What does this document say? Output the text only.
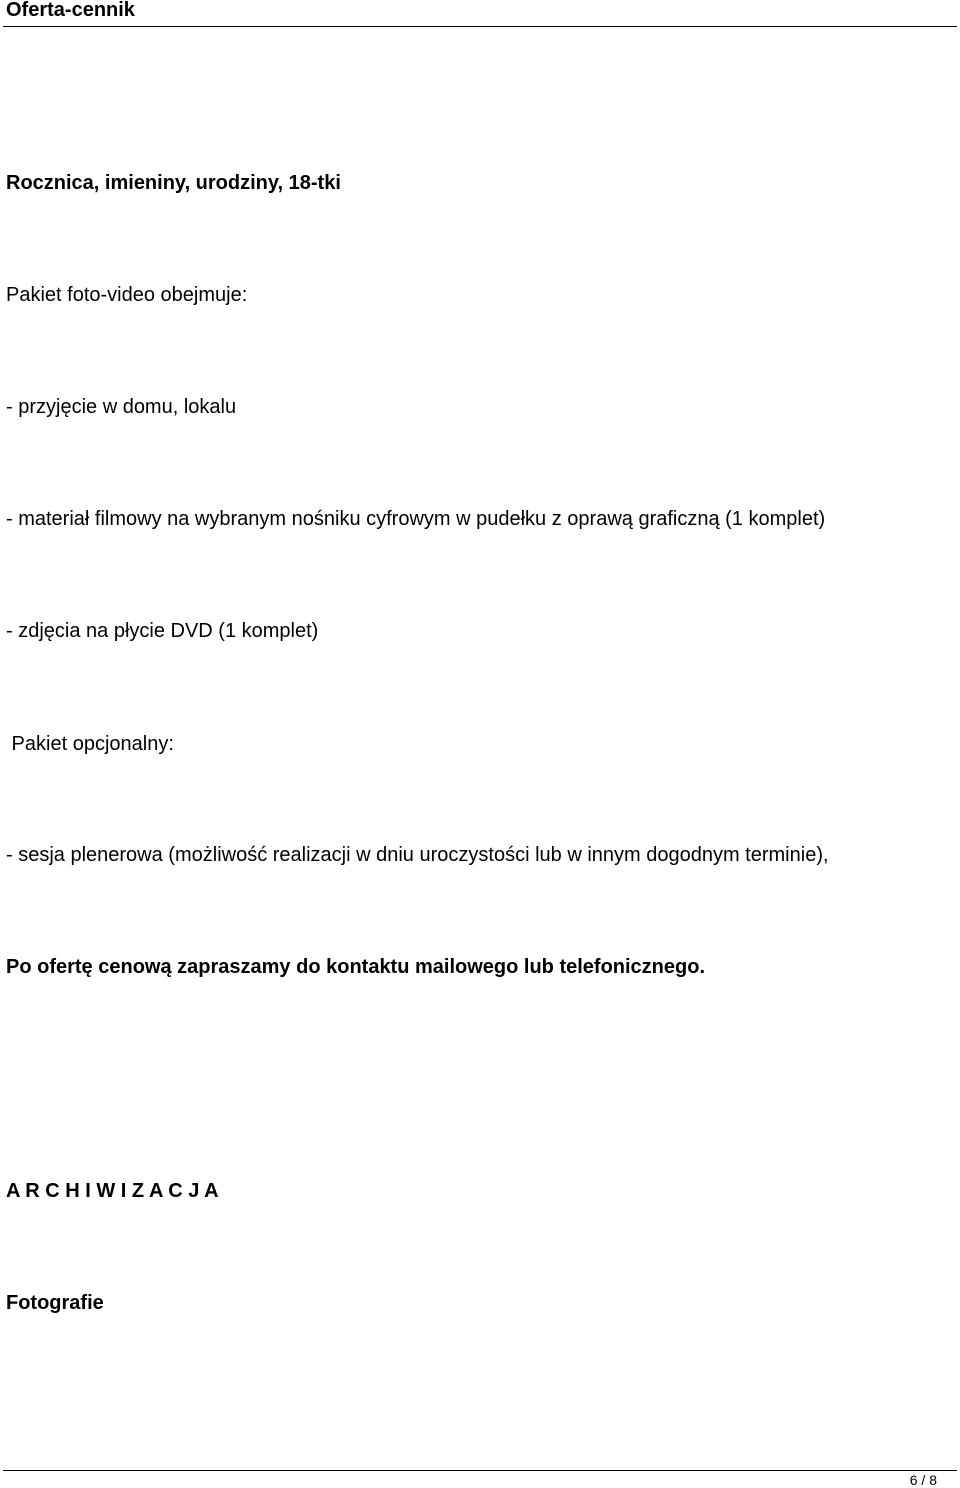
Oferta-cennik
Rocznica, imieniny, urodziny, 18-tki
Pakiet foto-video obejmuje:
- przyjęcie w domu, lokalu
- materiał filmowy na wybranym nośniku cyfrowym w pudełku z oprawą graficzną (1 komplet)
- zdjęcia na płycie DVD (1 komplet)
Pakiet opcjonalny:
- sesja plenerowa (możliwość realizacji w dniu uroczystości lub w innym dogodnym terminie),
Po ofertę cenową zapraszamy do kontaktu mailowego lub telefonicznego.
A R C H I W I Z A C J A
Fotografie
6 / 8
